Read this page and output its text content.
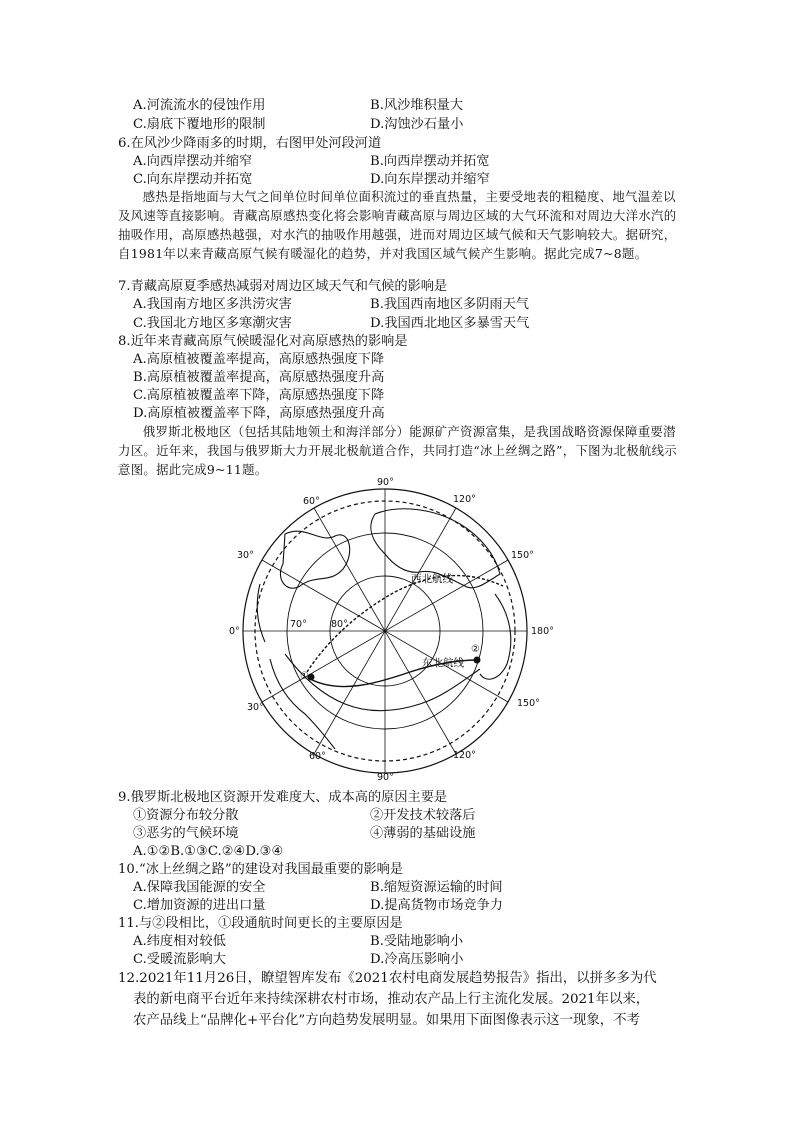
A.河流流水的侵蚀作用	B.风沙堆积量大
C.扇底下覆地形的限制	D.沟蚀沙石量小
6.在风沙少降雨多的时期，右图甲处河段河道
A.向西岸摆动并缩窄	B.向西岸摆动并拓宽
C.向东岸摆动并拓宽	D.向东岸摆动并缩窄
感热是指地面与大气之间单位时间单位面积流过的垂直热量，主要受地表的粗糙度、地气温差以及风速等直接影响。青藏高原感热变化将会影响青藏高原与周边区域的大气环流和对周边大洋水汽的抽吸作用，高原感热越强，对水汽的抽吸作用越强，进而对周边区域气候和天气影响较大。据研究，自1981年以来青藏高原气候有暖湿化的趋势，并对我国区域气候产生影响。据此完成7~8题。
7.青藏高原夏季感热减弱对周边区域天气和气候的影响是
A.我国南方地区多洪涝灾害	B.我国西南地区多阴雨天气
C.我国北方地区多寒潮灾害	D.我国西北地区多暴雪天气
8.近年来青藏高原气候暖湿化对高原感热的影响是
A.高原植被覆盖率提高，高原感热强度下降
B.高原植被覆盖率提高，高原感热强度升高
C.高原植被覆盖率下降，高原感热强度下降
D.高原植被覆盖率下降，高原感热强度升高
俄罗斯北极地区（包括其陆地领土和海洋部分）能源矿产资源富集，是我国战略资源保障重要潜力区。近年来，我国与俄罗斯大力开展北极航道合作，共同打造“冰上丝绸之路”，下图为北极航线示意图。据此完成9~11题。
90°
120°
150°
180°
150°
120°
90°
60°
30°
0°
30°
60°
70°	80°
西北航线
东北航线
①
②
9.俄罗斯北极地区资源开发难度大、成本高的原因主要是
①资源分布较分散	②开发技术较落后
③恶劣的气候环境	④薄弱的基础设施
A.①②B.①③C.②④D.③④
10.“冰上丝绸之路”的建设对我国最重要的影响是
A.保障我国能源的安全	B.缩短资源运输的时间
C.增加资源的进出口量	D.提高货物市场竞争力
11.与②段相比，①段通航时间更长的主要原因是
A.纬度相对较低	B.受陆地影响小
C.受暖流影响大	D.冷高压影响小
12.2021年11月26日，瞭望智库发布《2021农村电商发展趋势报告》指出，以拼多多为代
表的新电商平台近年来持续深耕农村市场，推动农产品上行主流化发展。2021年以来，
农产品线上“品牌化+平台化”方向趋势发展明显。如果用下面图像表示这一现象，不考
